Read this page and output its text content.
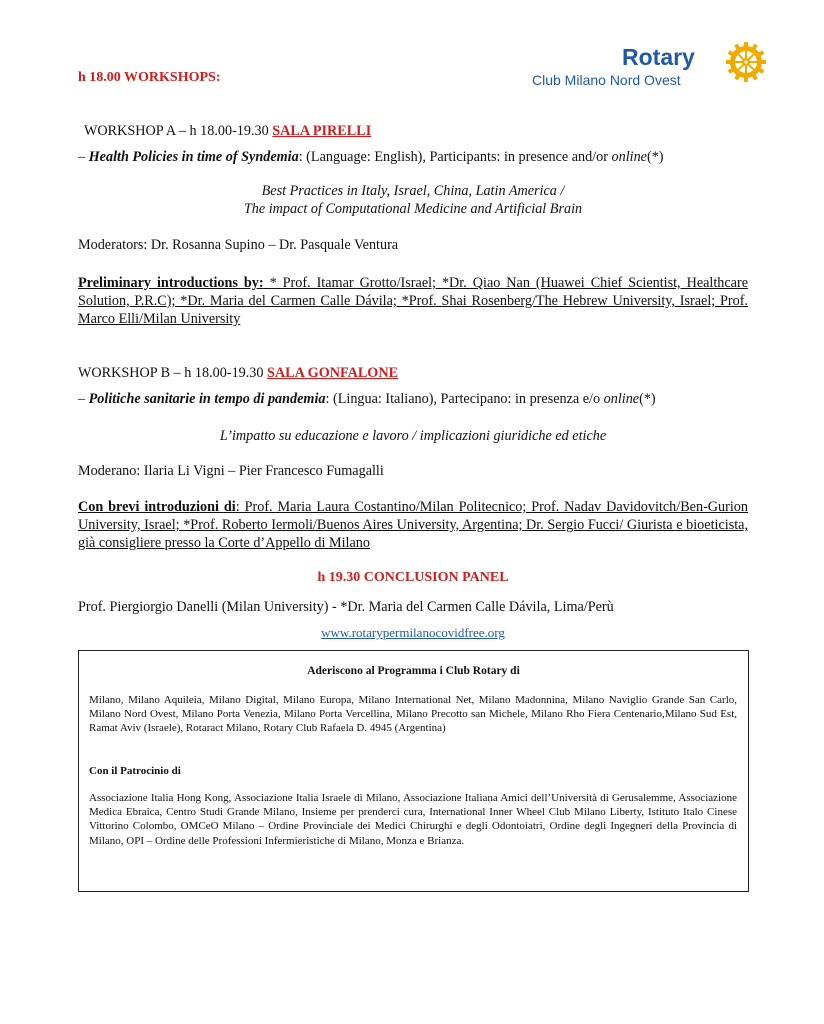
h 18.00 WORKSHOPS:
Rotary
Club Milano Nord Ovest
WORKSHOP A – h 18.00-19.30 SALA PIRELLI
– Health Policies in time of Syndemia: (Language: English), Participants: in presence and/or online(*)
Best Practices in Italy, Israel, China, Latin America /
The impact of Computational Medicine and Artificial Brain
Moderators: Dr. Rosanna Supino – Dr. Pasquale Ventura
Preliminary introductions by: * Prof. Itamar Grotto/Israel; *Dr. Qiao Nan (Huawei Chief Scientist, Healthcare Solution, P.R.C); *Dr. Maria del Carmen Calle Dávila; *Prof. Shai Rosenberg/The Hebrew University, Israel; Prof. Marco Elli/Milan University
WORKSHOP B – h 18.00-19.30 SALA GONFALONE
– Politiche sanitarie in tempo di pandemia: (Lingua: Italiano), Partecipano: in presenza e/o online(*)
L’impatto su educazione e lavoro / implicazioni giuridiche ed etiche
Moderano: Ilaria Li Vigni – Pier Francesco Fumagalli
Con brevi introduzioni di: Prof. Maria Laura Costantino/Milan Politecnico; Prof. Nadav Davidovitch/Ben-Gurion University, Israel; *Prof. Roberto Iermoli/Buenos Aires University, Argentina; Dr. Sergio Fucci/ Giurista e bioeticista, già consigliere presso la Corte d’Appello di Milano
h 19.30 CONCLUSION PANEL
Prof. Piergiorgio Danelli (Milan University) - *Dr. Maria del Carmen Calle Dávila, Lima/Perù
www.rotarypermilanocovidfree.org
Aderiscono al Programma i Club Rotary di
Milano, Milano Aquileia, Milano Digital, Milano Europa, Milano International Net, Milano Madonnina, Milano Naviglio Grande San Carlo, Milano Nord Ovest, Milano Porta Venezia, Milano Porta Vercellina, Milano Precotto san Michele, Milano Rho Fiera Centenario,Milano Sud Est, Ramat Aviv (Israele), Rotaract Milano, Rotary Club Rafaela D. 4945 (Argentina)
Con il Patrocinio di
Associazione Italia Hong Kong, Associazione Italia Israele di Milano, Associazione Italiana Amici dell’Università di Gerusalemme, Associazione Medica Ebraica, Centro Studi Grande Milano, Insieme per prenderci cura, International Inner Wheel Club Milano Liberty, Istituto Italo Cinese Vittorino Colombo, OMCeO Milano – Ordine Provinciale dei Medici Chirurghi e degli Odontoiatri, Ordine degli Ingegneri della Provincia di Milano, OPI – Ordine delle Professioni Infermieristiche di Milano, Monza e Brianza.
